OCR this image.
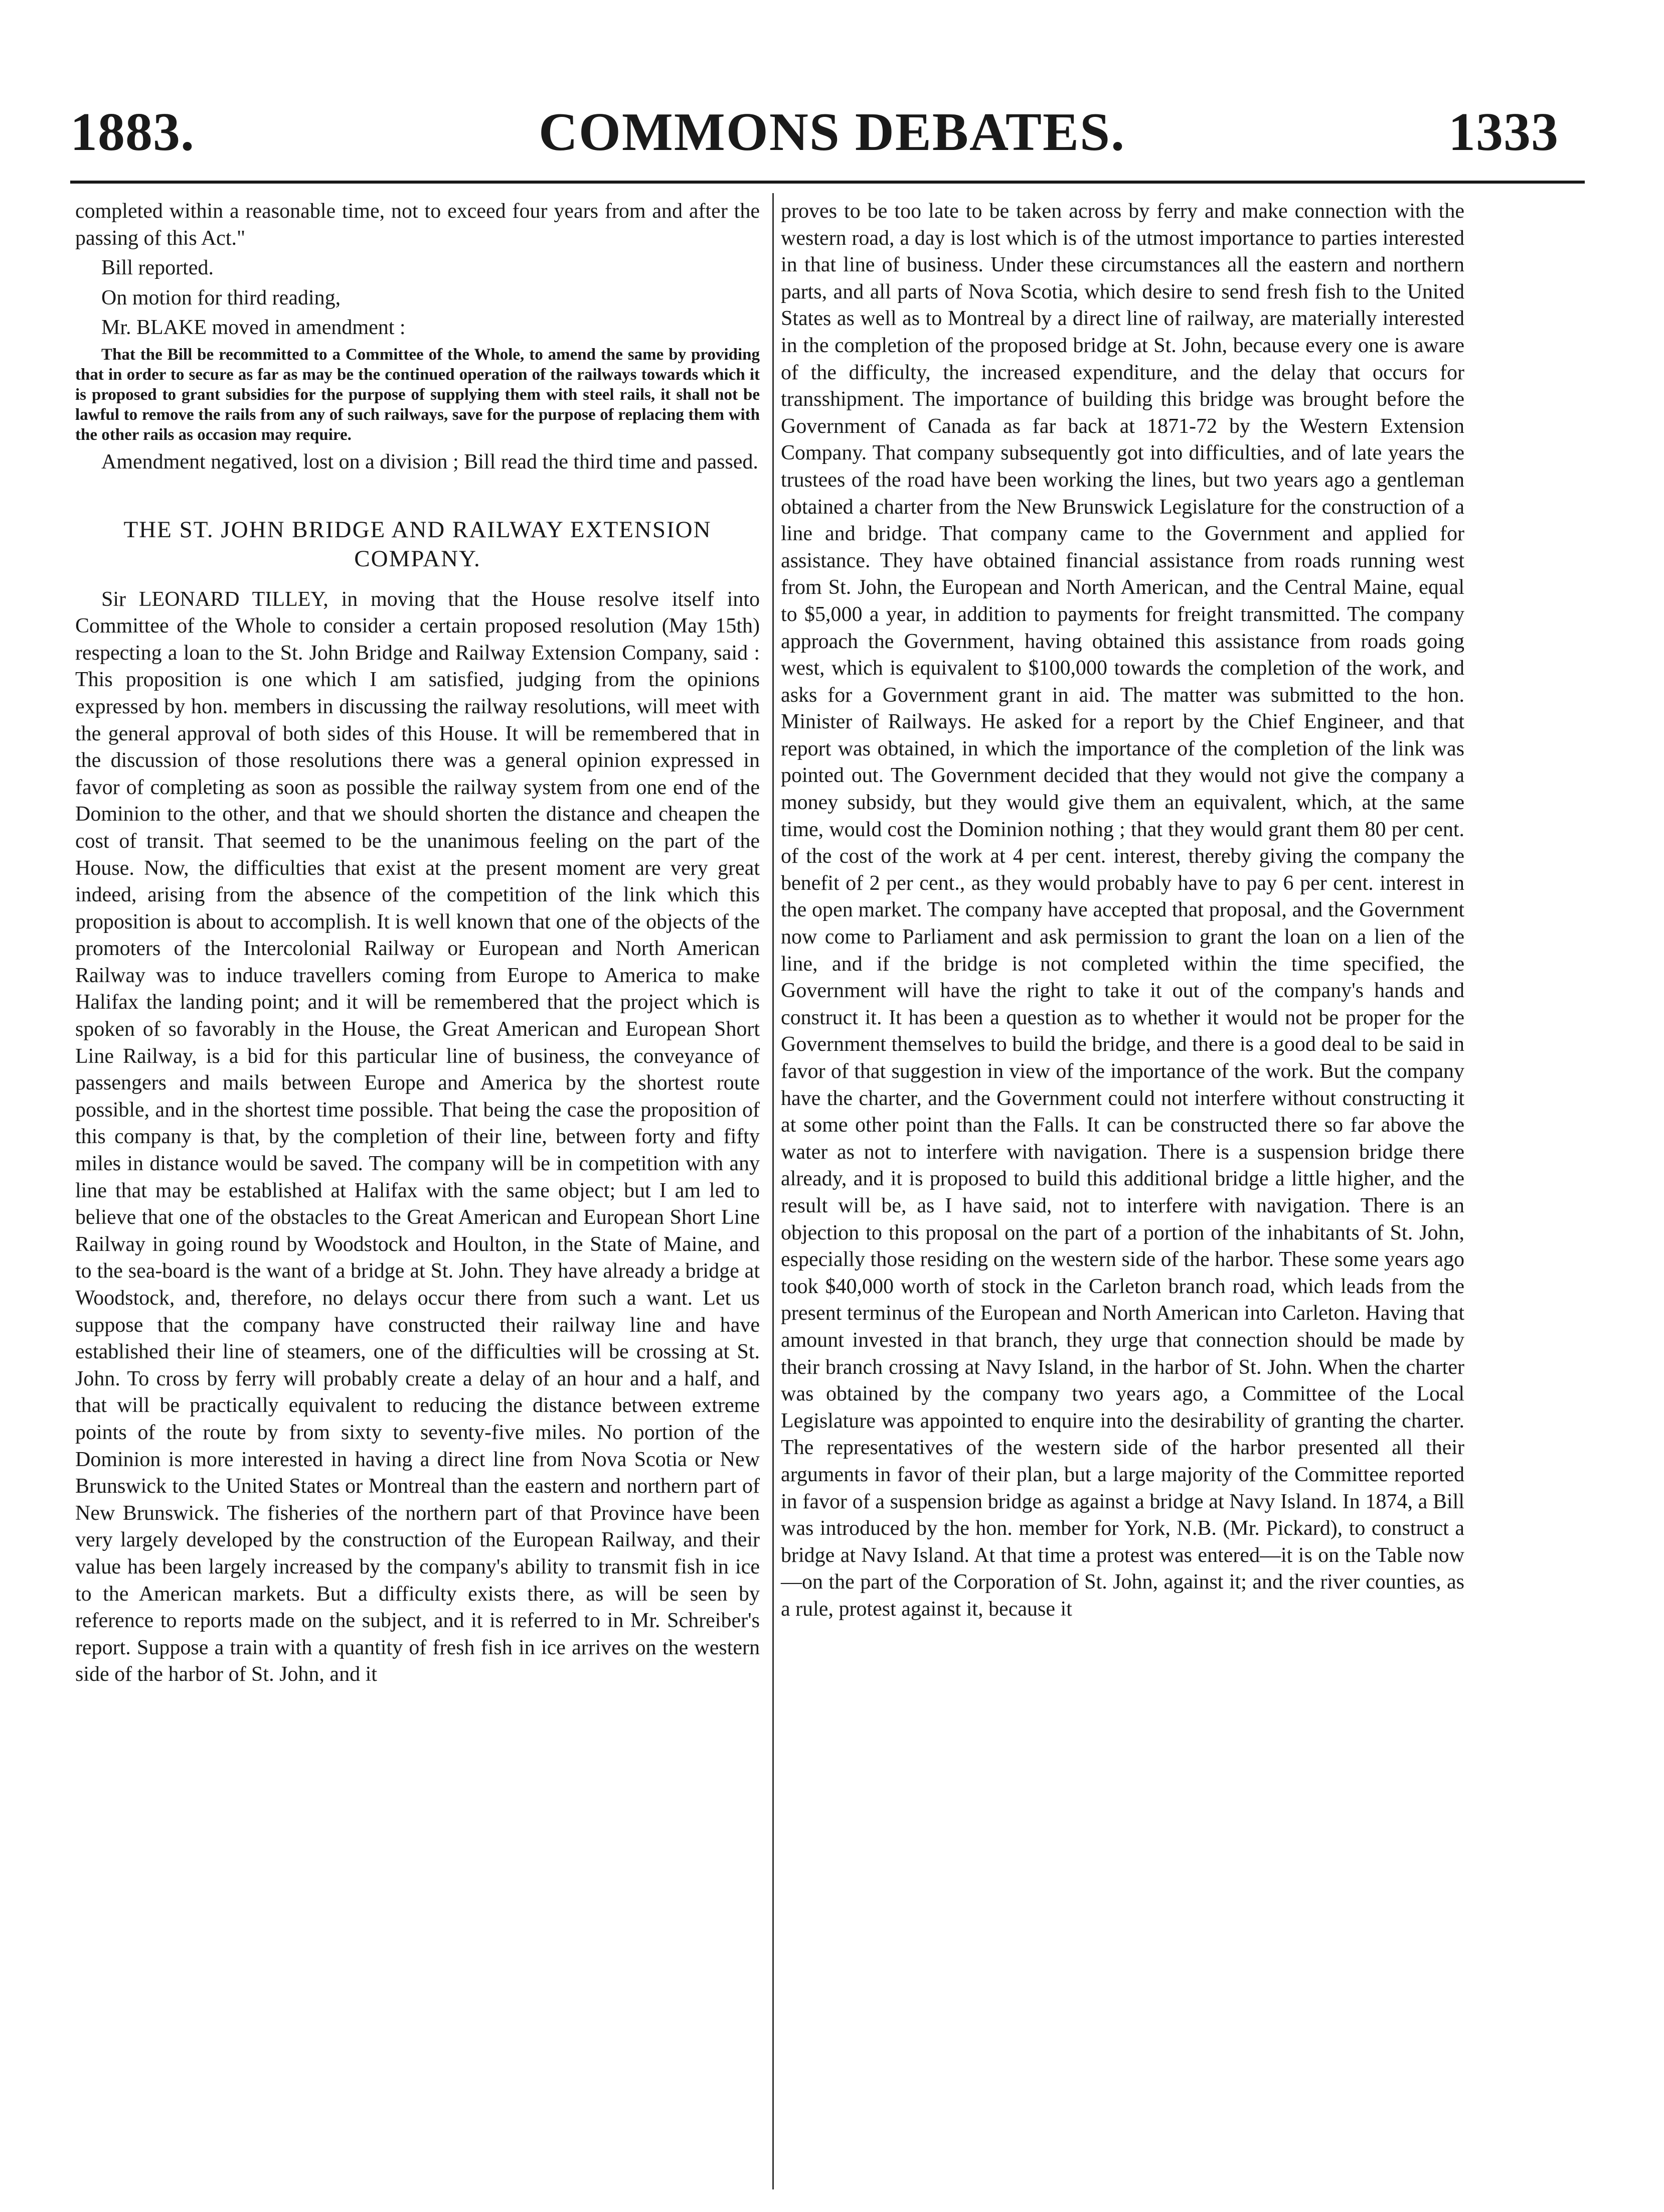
1883.	COMMONS DEBATES.	1333

completed within a reasonable time, not to exceed four years from and after the passing of this Act."

Bill reported.

On motion for third reading,

Mr. BLAKE moved in amendment :

That the Bill be recommitted to a Committee of the Whole, to amend the same by providing that in order to secure as far as may be the continued operation of the railways towards which it is proposed to grant subsidies for the purpose of supplying them with steel rails, it shall not be lawful to remove the rails from any of such railways, save for the purpose of replacing them with the other rails as occasion may require.

Amendment negatived, lost on a division ; Bill read the third time and passed.

THE ST. JOHN BRIDGE AND RAILWAY EXTENSION COMPANY.

Sir LEONARD TILLEY, in moving that the House resolve itself into Committee of the Whole to consider a certain proposed resolution (May 15th) respecting a loan to the St. John Bridge and Railway Extension Company, said : This proposition is one which I am satisfied, judging from the opinions expressed by hon. members in discussing the railway resolutions, will meet with the general approval of both sides of this House. It will be remembered that in the discussion of those resolutions there was a general opinion expressed in favor of completing as soon as possible the railway system from one end of the Dominion to the other, and that we should shorten the distance and cheapen the cost of transit. That seemed to be the unanimous feeling on the part of the House. Now, the difficulties that exist at the present moment are very great indeed, arising from the absence of the competition of the link which this proposition is about to accomplish. It is well known that one of the objects of the promoters of the Intercolonial Railway or European and North American Railway was to induce travellers coming from Europe to America to make Halifax the landing point; and it will be remembered that the project which is spoken of so favorably in the House, the Great American and European Short Line Railway, is a bid for this particular line of business, the conveyance of passengers and mails between Europe and America by the shortest route possible, and in the shortest time possible. That being the case the proposition of this company is that, by the completion of their line, between forty and fifty miles in distance would be saved. The company will be in competition with any line that may be established at Halifax with the same object; but I am led to believe that one of the obstacles to the Great American and European Short Line Railway in going round by Woodstock and Houlton, in the State of Maine, and to the sea-board is the want of a bridge at St. John. They have already a bridge at Woodstock, and, therefore, no delays occur there from such a want. Let us suppose that the company have constructed their railway line and have established their line of steamers, one of the difficulties will be crossing at St. John. To cross by ferry will probably create a delay of an hour and a half, and that will be practically equivalent to reducing the distance between extreme points of the route by from sixty to seventy-five miles. No portion of the Dominion is more interested in having a direct line from Nova Scotia or New Brunswick to the United States or Montreal than the eastern and northern part of New Brunswick. The fisheries of the northern part of that Province have been very largely developed by the construction of the European Railway, and their value has been largely increased by the company's ability to transmit fish in ice to the American markets. But a difficulty exists there, as will be seen by reference to reports made on the subject, and it is referred to in Mr. Schreiber's report. Suppose a train with a quantity of fresh fish in ice arrives on the western side of the harbor of St. John, and it

proves to be too late to be taken across by ferry and make connection with the western road, a day is lost which is of the utmost importance to parties interested in that line of business. Under these circumstances all the eastern and northern parts, and all parts of Nova Scotia, which desire to send fresh fish to the United States as well as to Montreal by a direct line of railway, are materially interested in the completion of the proposed bridge at St. John, because every one is aware of the difficulty, the increased expenditure, and the delay that occurs for transshipment. The importance of building this bridge was brought before the Government of Canada as far back at 1871-72 by the Western Extension Company. That company subsequently got into difficulties, and of late years the trustees of the road have been working the lines, but two years ago a gentleman obtained a charter from the New Brunswick Legislature for the construction of a line and bridge. That company came to the Government and applied for assistance. They have obtained financial assistance from roads running west from St. John, the European and North American, and the Central Maine, equal to $5,000 a year, in addition to payments for freight transmitted. The company approach the Government, having obtained this assistance from roads going west, which is equivalent to $100,000 towards the completion of the work, and asks for a Government grant in aid. The matter was submitted to the hon. Minister of Railways. He asked for a report by the Chief Engineer, and that report was obtained, in which the importance of the completion of the link was pointed out. The Government decided that they would not give the company a money subsidy, but they would give them an equivalent, which, at the same time, would cost the Dominion nothing ; that they would grant them 80 per cent. of the cost of the work at 4 per cent. interest, thereby giving the company the benefit of 2 per cent., as they would probably have to pay 6 per cent. interest in the open market. The company have accepted that proposal, and the Government now come to Parliament and ask permission to grant the loan on a lien of the line, and if the bridge is not completed within the time specified, the Government will have the right to take it out of the company's hands and construct it. It has been a question as to whether it would not be proper for the Government themselves to build the bridge, and there is a good deal to be said in favor of that suggestion in view of the importance of the work. But the company have the charter, and the Government could not interfere without constructing it at some other point than the Falls. It can be constructed there so far above the water as not to interfere with navigation. There is a suspension bridge there already, and it is proposed to build this additional bridge a little higher, and the result will be, as I have said, not to interfere with navigation. There is an objection to this proposal on the part of a portion of the inhabitants of St. John, especially those residing on the western side of the harbor. These some years ago took $40,000 worth of stock in the Carleton branch road, which leads from the present terminus of the European and North American into Carleton. Having that amount invested in that branch, they urge that connection should be made by their branch crossing at Navy Island, in the harbor of St. John. When the charter was obtained by the company two years ago, a Committee of the Local Legislature was appointed to enquire into the desirability of granting the charter. The representatives of the western side of the harbor presented all their arguments in favor of their plan, but a large majority of the Committee reported in favor of a suspension bridge as against a bridge at Navy Island. In 1874, a Bill was introduced by the hon. member for York, N.B. (Mr. Pickard), to construct a bridge at Navy Island. At that time a protest was entered—it is on the Table now —on the part of the Corporation of St. John, against it; and the river counties, as a rule, protest against it, because it
